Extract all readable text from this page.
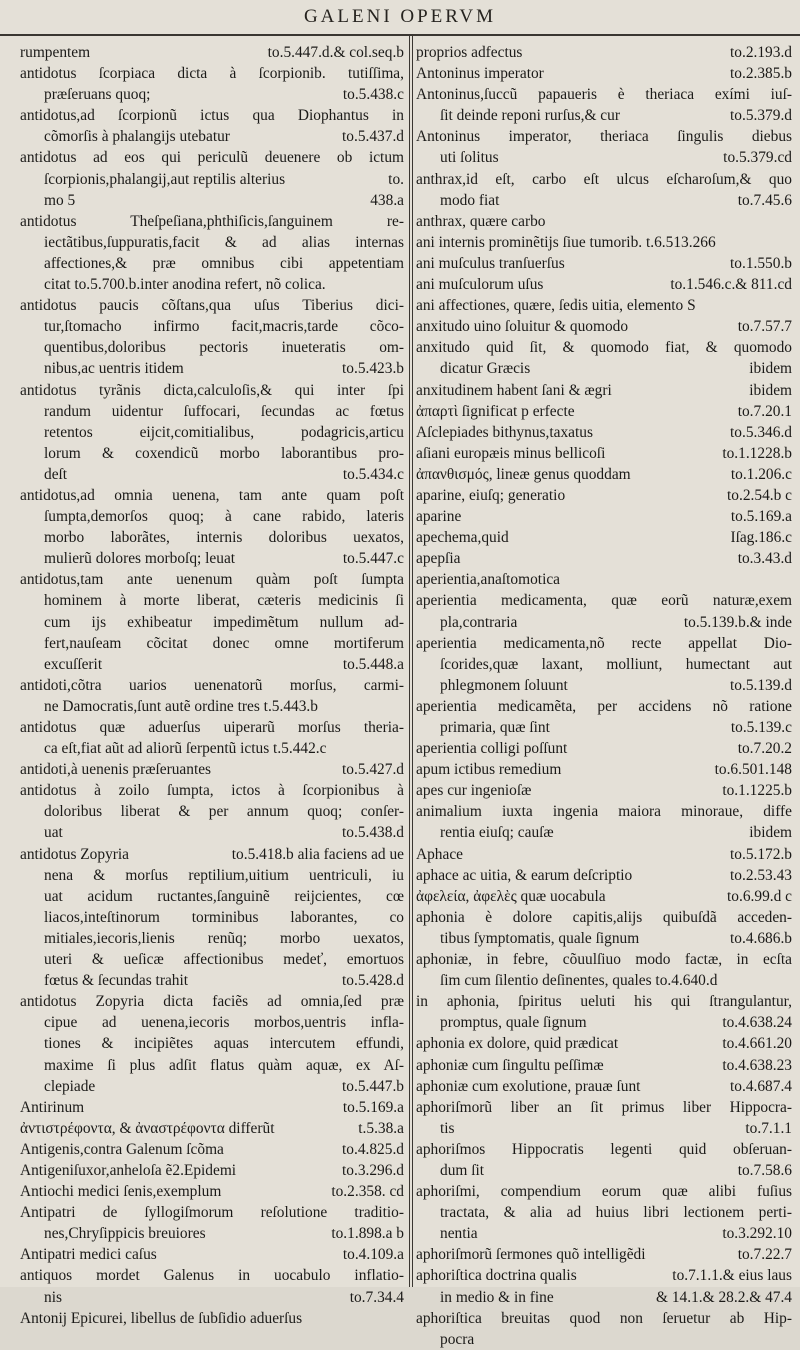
GALENI OPERVM
rumpentem	to.5.447.d.& col.seq.b
antidotus ſcorpiaca dicta à ſcorpionib. tutiſſima,
præſeruans quoq;	to.5.438.c
antidotus,ad ſcorpionũ ictus qua Diophantus in
cõmorſis à phalangijs utebatur	to.5.437.d
antidotus ad eos qui periculũ deuenere ob ictum
ſcorpionis,phalangij,aut reptilis alterius	to.
mo 5	438.a
antidotus Theſpeſiana,phthiſicis,ſanguinem re-
iectãtibus,ſuppuratis,facit & ad alias internas
affectiones,& præ omnibus cibi appetentiam
citat to.5.700.b.inter anodina refert, nõ colica.
antidotus paucis cõſtans,qua uſus Tiberius dici-
tur,ſtomacho infirmo facit,macris,tarde cõco-
quentibus,doloribus pectoris inueteratis om-
nibus,ac uentris itidem	to.5.423.b
antidotus tyrãnis dicta,calculoſis,& qui inter ſpi
randum uidentur ſuffocari, ſecundas ac fœtus
retentos eijcit,comitialibus, podagricis,articu
lorum & coxendicũ morbo laborantibus pro-
deſt	to.5.434.c
antidotus,ad omnia uenena, tam ante quam poſt
ſumpta,demorſos quoq; à cane rabido, lateris
morbo laborãtes, internis doloribus uexatos,
mulierũ dolores morboſq; leuat	to.5.447.c
antidotus,tam ante uenenum quàm poſt ſumpta
hominem à morte liberat, cæteris medicinis ſi
cum ijs exhibeatur impedimẽtum nullum ad-
fert,nauſeam cõcitat donec omne mortiferum
excuſſerit	to.5.448.a
antidoti,cõtra uarios uenenatorũ morſus, carmi-
ne Damocratis,ſunt autẽ ordine tres t.5.443.b
antidotus quæ aduerſus uiperarũ morſus theria-
ca eſt,fiat aũt ad aliorũ ſerpentũ ictus t.5.442.c
antidoti,à uenenis præſeruantes	to.5.427.d
antidotus à zoilo ſumpta, ictos à ſcorpionibus à
doloribus liberat & per annum quoq; conſer-
uat	to.5.438.d
antidotus Zopyria	to.5.418.b alia faciens ad ue
nena & morſus reptilium,uitium uentriculi, iu
uat acidum ructantes,ſanguinẽ reijcientes, cœ
liacos,inteſtinorum torminibus laborantes, co
mitiales,iecoris,lienis renũq; morbo uexatos,
uteri & ueſicæ affectionibus medeť, emortuos
fœtus & ſecundas trahit	to.5.428.d
antidotus Zopyria dicta faciẽs ad omnia,ſed præ
cipue ad uenena,iecoris morbos,uentris infla-
tiones & incipiẽtes aquas intercutem effundi,
maxime ſi plus adſit flatus quàm aquæ, ex Aſ-
clepiade	to.5.447.b
Antirinum	to.5.169.a
ἀντιστρέφοντα, & ἀναστρέφοντα differũt	t.5.38.a
Antigenis,contra Galenum ſcõma	to.4.825.d
Antigeniſuxor,anheloſa ẽ2.Epidemi	to.3.296.d
Antiochi medici ſenis,exemplum	to.2.358. cd
Antipatri de ſyllogiſmorum reſolutione traditio-
nes,Chryſippicis breuiores	to.1.898.a b
Antipatri medici caſus	to.4.109.a
antiquos mordet Galenus in uocabulo inflatio-
nis	to.7.34.4
Antonij Epicurei, libellus de ſubſidio aduerſus
proprios adfectus	to.2.193.d
Antoninus imperator	to.2.385.b
Antoninus,ſuccũ papaueris è theriaca exími iuſ-
ſit deinde reponi rurſus,& cur	to.5.379.d
Antoninus imperator, theriaca ſingulis diebus
uti ſolitus	to.5.379.cd
anthrax,id eſt, carbo eſt ulcus eſcharoſum,& quo
modo fiat	to.7.45.6
anthrax, quære carbo
ani internis prominẽtijs ſiue tumorib. t.6.513.266
ani muſculus tranſuerſus	to.1.550.b
ani muſculorum uſus	to.1.546.c.& 811.cd
ani affectiones, quære, ſedis uitia, elemento S
anxitudo uino ſoluitur & quomodo	to.7.57.7
anxitudo quid ſit, & quomodo fiat, & quomodo
dicatur Græcis	ibidem
anxitudinem habent ſani & ægri	ibidem
ἀπαρτὶ ſignificat p erfecte	to.7.20.1
Aſclepiades bithynus,taxatus	to.5.346.d
aſiani europæis minus bellicoſi	to.1.1228.b
ἀπανθισμός, lineæ genus quoddam	to.1.206.c
aparine, eiuſq; generatio	to.2.54.b c
aparine	to.5.169.a
apechema,quid	Iſag.186.c
apepſia	to.3.43.d
aperientia,anaſtomotica
aperientia medicamenta, quæ eorũ naturæ,exem
pla,contraria	to.5.139.b.& inde
aperientia medicamenta,nõ recte appellat Dio-
ſcorides,quæ laxant, molliunt, humectant aut
phlegmonem ſoluunt	to.5.139.d
aperientia medicamẽta, per accidens nõ ratione
primaria, quæ ſint	to.5.139.c
aperientia colligi poſſunt	to.7.20.2
apum ictibus remedium	to.6.501.148
apes cur ingenioſæ	to.1.1225.b
animalium iuxta ingenia maiora minoraue, diffe
rentia eiuſq; cauſæ	ibidem
Aphace	to.5.172.b
aphace ac uitia, & earum deſcriptio	to.2.53.43
ἀφελεία, ἀφελὲς quæ uocabula	to.6.99.d c
aphonia è dolore capitis,alijs quibuſdã acceden-
tibus ſymptomatis, quale ſignum	to.4.686.b
aphoniæ, in febre, cõuulſiuo modo factæ, in ecſta
ſim cum ſilentio deſinentes, quales to.4.640.d
in aphonia, ſpiritus ueluti his qui ſtrangulantur,
promptus, quale ſignum	to.4.638.24
aphonia ex dolore, quid prædicat	to.4.661.20
aphoniæ cum ſingultu peſſimæ	to.4.638.23
aphoniæ cum exolutione, prauæ ſunt	to.4.687.4
aphoriſmorũ liber an ſit primus liber Hippocra-
tis	to.7.1.1
aphoriſmos Hippocratis legenti quid obſeruan-
dum ſit	to.7.58.6
aphoriſmi, compendium eorum quæ alibi fuſius
tractata, & alia ad huius libri lectionem perti-
nentia	to.3.292.10
aphoriſmorũ ſermones quõ intelligẽdi	to.7.22.7
aphoriſtica doctrina qualis	to.7.1.1.& eius laus
in medio & in fine	& 14.1.& 28.2.& 47.4
aphoriſtica breuitas quod non ſeruetur ab Hip-
pocra
